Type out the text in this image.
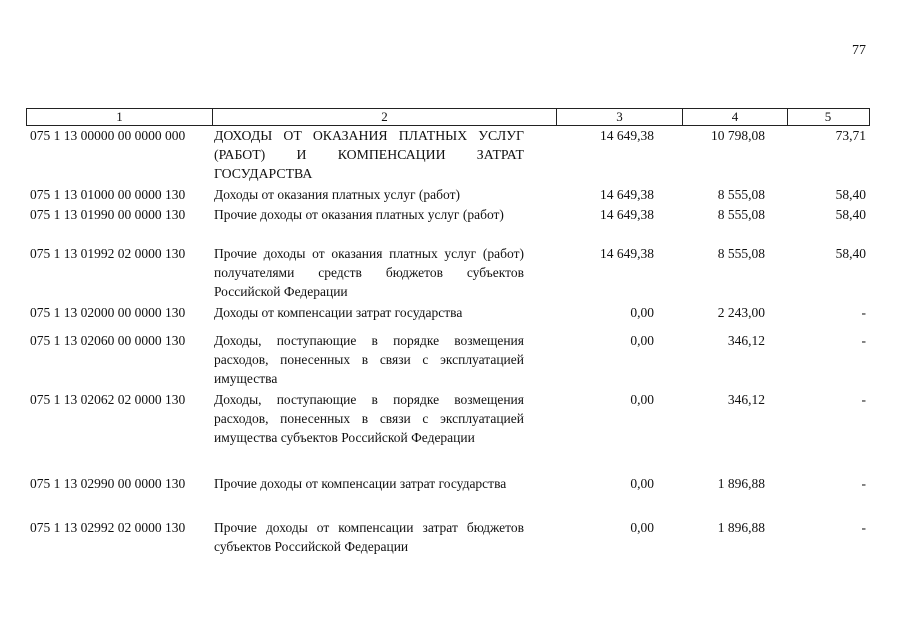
77
1	2	3	4	5
075 1 13 00000 00 0000 000 ДОХОДЫ ОТ ОКАЗАНИЯ ПЛАТНЫХ УСЛУГ (РАБОТ) И КОМПЕНСАЦИИ ЗАТРАТ ГОСУДАРСТВА
14 649,38	10 798,08	73,71
075 1 13 01000 00 0000 130 Доходы от оказания платных услуг (работ)	14 649,38	8 555,08	58,40
075 1 13 01990 00 0000 130 Прочие доходы от оказания платных услуг (работ)	14 649,38	8 555,08	58,40
075 1 13 01992 02 0000 130 Прочие доходы от оказания платных услуг (работ) получателями средств бюджетов субъектов Российской Федерации
14 649,38	8 555,08	58,40
075 1 13 02000 00 0000 130 Доходы от компенсации затрат государства	0,00	2 243,00	-
075 1 13 02060 00 0000 130 Доходы, поступающие в порядке возмещения расходов, понесенных в связи с эксплуатацией имущества
0,00	346,12	-
075 1 13 02062 02 0000 130 Доходы, поступающие в порядке возмещения расходов, понесенных в связи с эксплуатацией имущества субъектов Российской Федерации
0,00	346,12	-
075 1 13 02990 00 0000 130 Прочие доходы от компенсации затрат государства	0,00	1 896,88	-
075 1 13 02992 02 0000 130 Прочие доходы от компенсации затрат бюджетов субъектов Российской Федерации
0,00	1 896,88	-
